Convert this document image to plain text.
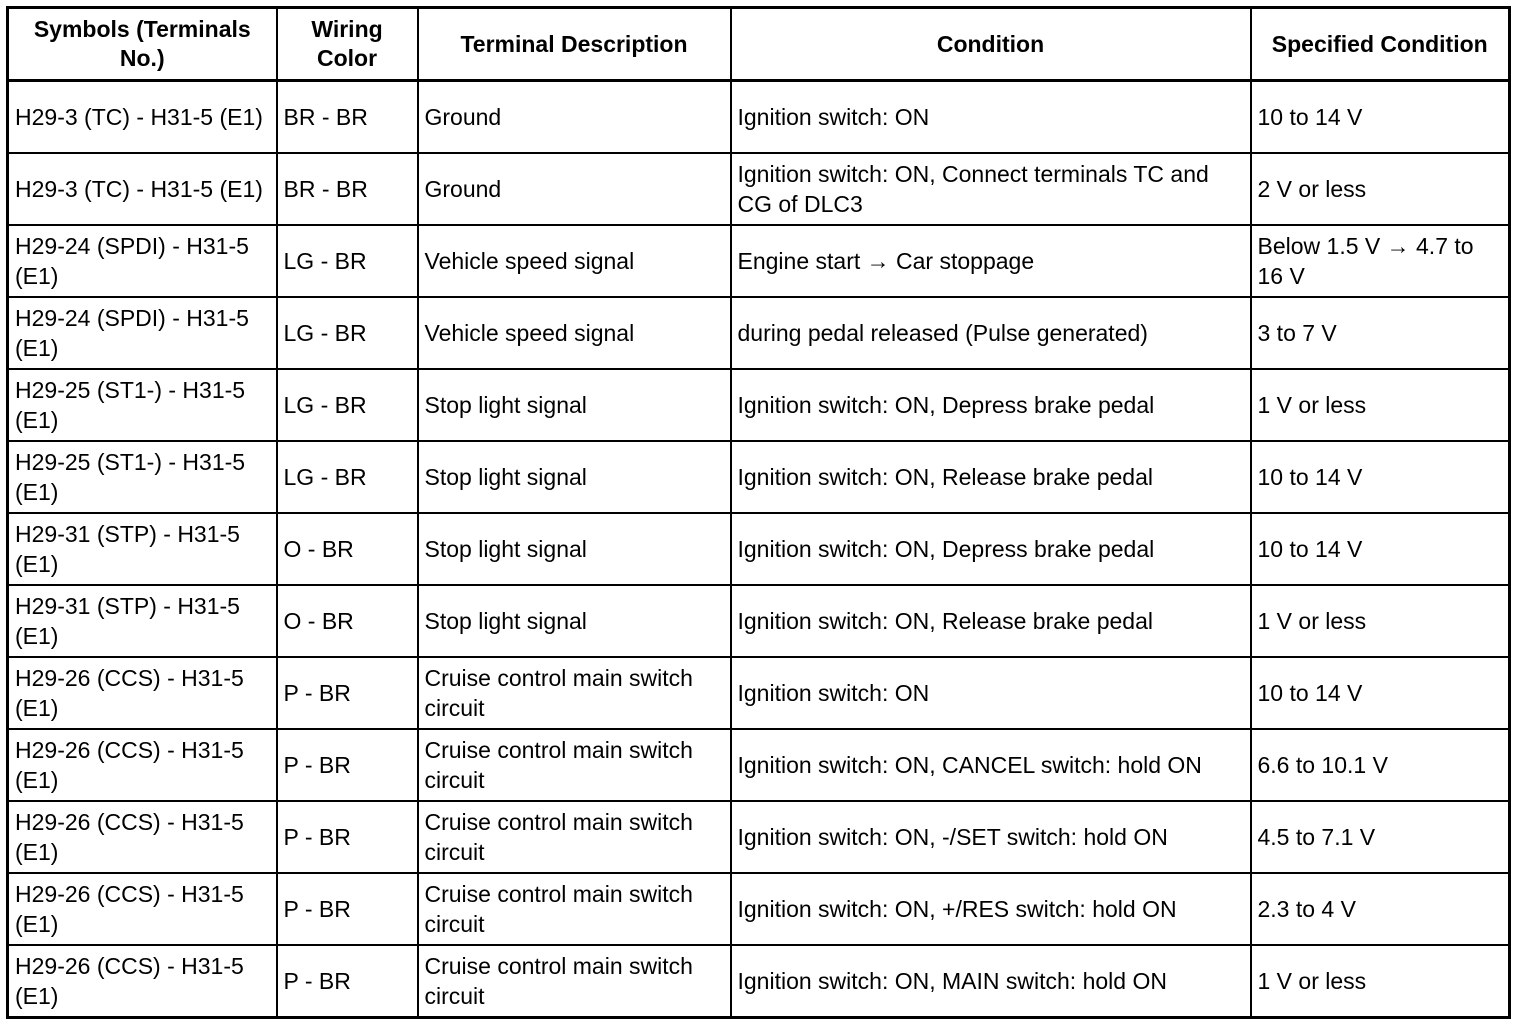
Symbols (Terminals No.)	Wiring Color	Terminal Description	Condition	Specified Condition
H29-3 (TC) - H31-5 (E1)	BR - BR	Ground	Ignition switch: ON	10 to 14 V
H29-3 (TC) - H31-5 (E1)	BR - BR	Ground	Ignition switch: ON, Connect terminals TC and CG of DLC3	2 V or less
H29-24 (SPDI) - H31-5 (E1)	LG - BR	Vehicle speed signal	Engine start → Car stoppage	Below 1.5 V → 4.7 to 16 V
H29-24 (SPDI) - H31-5 (E1)	LG - BR	Vehicle speed signal	during pedal released (Pulse generated)	3 to 7 V
H29-25 (ST1-) - H31-5 (E1)	LG - BR	Stop light signal	Ignition switch: ON, Depress brake pedal	1 V or less
H29-25 (ST1-) - H31-5 (E1)	LG - BR	Stop light signal	Ignition switch: ON, Release brake pedal	10 to 14 V
H29-31 (STP) - H31-5 (E1)	O - BR	Stop light signal	Ignition switch: ON, Depress brake pedal	10 to 14 V
H29-31 (STP) - H31-5 (E1)	O - BR	Stop light signal	Ignition switch: ON, Release brake pedal	1 V or less
H29-26 (CCS) - H31-5 (E1)	P - BR	Cruise control main switch circuit	Ignition switch: ON	10 to 14 V
H29-26 (CCS) - H31-5 (E1)	P - BR	Cruise control main switch circuit	Ignition switch: ON, CANCEL switch: hold ON	6.6 to 10.1 V
H29-26 (CCS) - H31-5 (E1)	P - BR	Cruise control main switch circuit	Ignition switch: ON, -/SET switch: hold ON	4.5 to 7.1 V
H29-26 (CCS) - H31-5 (E1)	P - BR	Cruise control main switch circuit	Ignition switch: ON, +/RES switch: hold ON	2.3 to 4 V
H29-26 (CCS) - H31-5 (E1)	P - BR	Cruise control main switch circuit	Ignition switch: ON, MAIN switch: hold ON	1 V or less
